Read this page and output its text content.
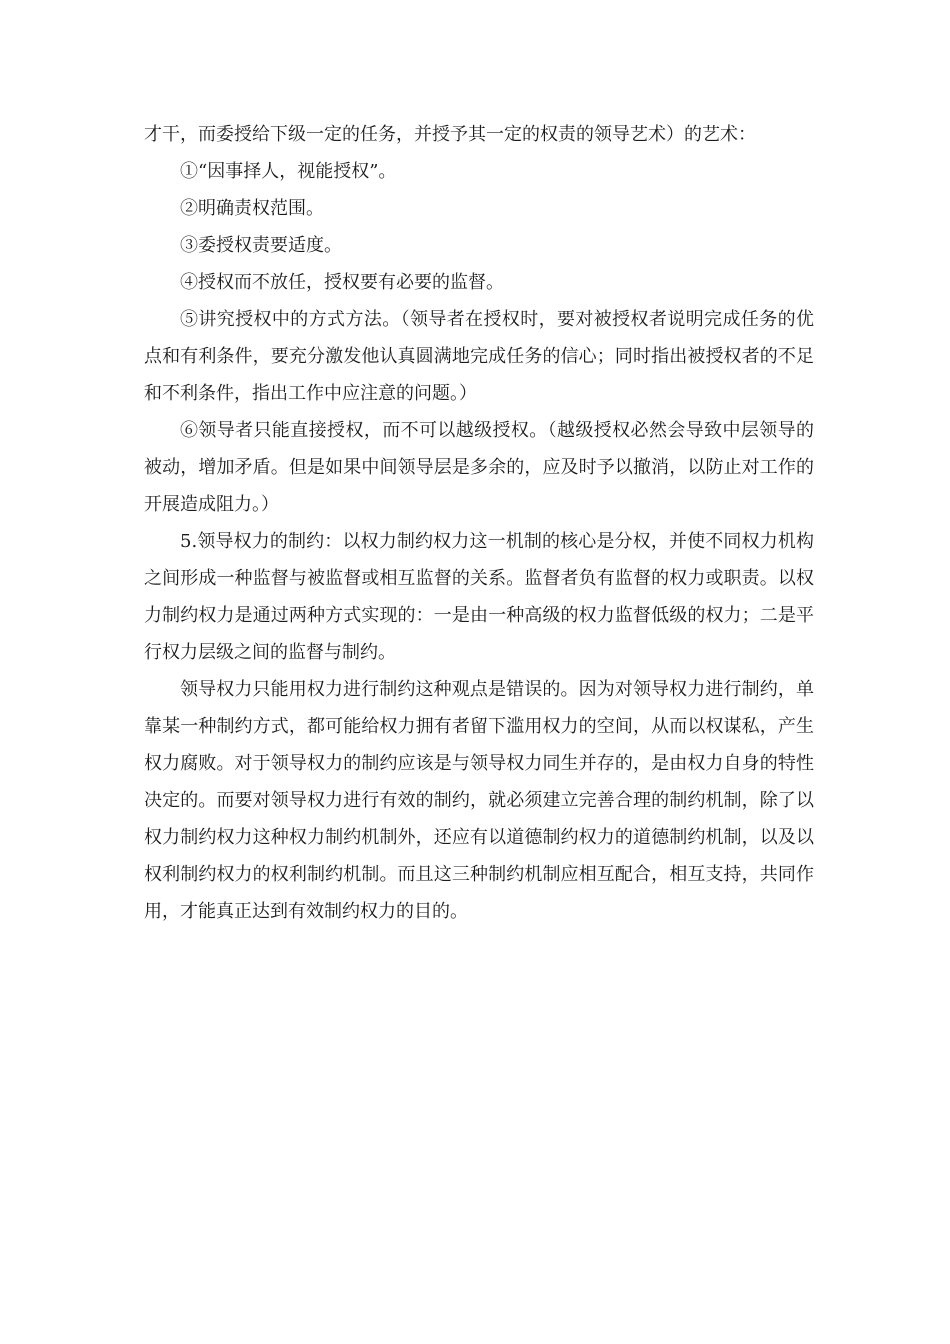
才干，而委授给下级一定的任务，并授予其一定的权责的领导艺术）的艺术：

①“因事择人，视能授权”。

②明确责权范围。

③委授权责要适度。

④授权而不放任，授权要有必要的监督。

⑤讲究授权中的方式方法。（领导者在授权时，要对被授权者说明完成任务的优点和有利条件，要充分激发他认真圆满地完成任务的信心；同时指出被授权者的不足和不利条件，指出工作中应注意的问题。）

⑥领导者只能直接授权，而不可以越级授权。（越级授权必然会导致中层领导的被动，增加矛盾。但是如果中间领导层是多余的，应及时予以撤消，以防止对工作的开展造成阻力。）

5.领导权力的制约：以权力制约权力这一机制的核心是分权，并使不同权力机构之间形成一种监督与被监督或相互监督的关系。监督者负有监督的权力或职责。以权力制约权力是通过两种方式实现的：一是由一种高级的权力监督低级的权力；二是平行权力层级之间的监督与制约。

领导权力只能用权力进行制约这种观点是错误的。因为对领导权力进行制约，单靠某一种制约方式，都可能给权力拥有者留下滥用权力的空间，从而以权谋私，产生权力腐败。对于领导权力的制约应该是与领导权力同生并存的，是由权力自身的特性决定的。而要对领导权力进行有效的制约，就必须建立完善合理的制约机制，除了以权力制约权力这种权力制约机制外，还应有以道德制约权力的道德制约机制，以及以权利制约权力的权利制约机制。而且这三种制约机制应相互配合，相互支持，共同作用，才能真正达到有效制约权力的目的。
